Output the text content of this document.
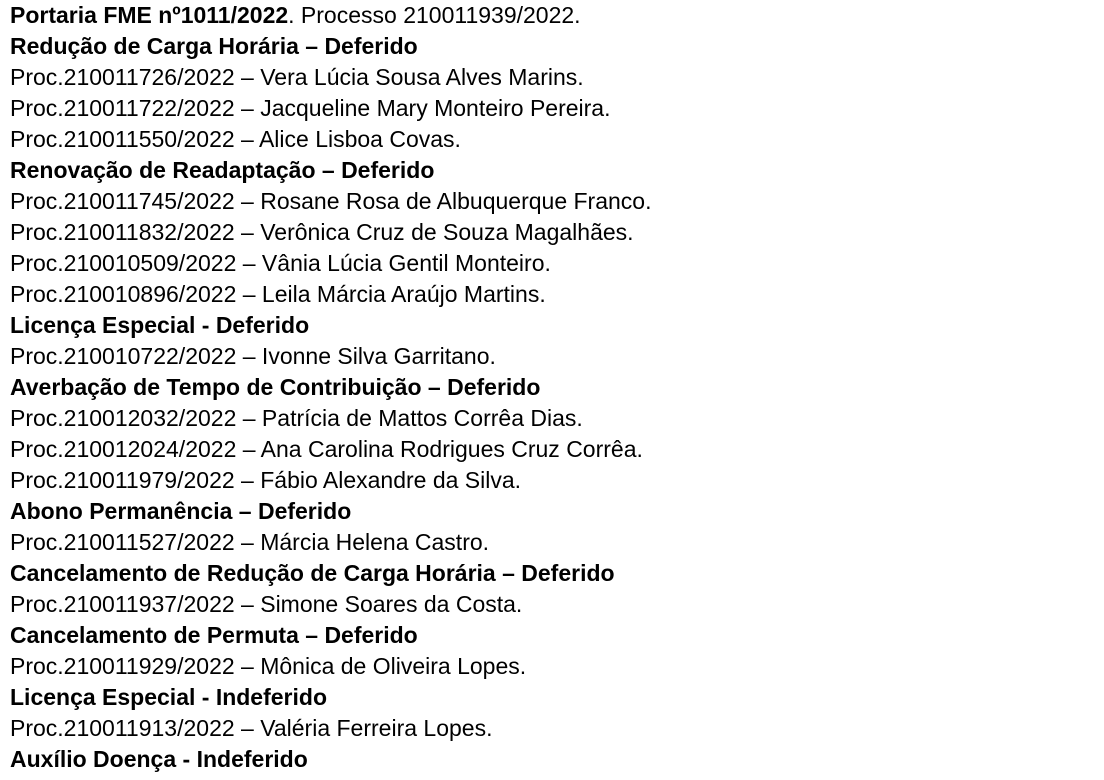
Portaria FME nº1011/2022. Processo 210011939/2022.
Redução de Carga Horária – Deferido
Proc.210011726/2022 – Vera Lúcia Sousa Alves Marins.
Proc.210011722/2022 – Jacqueline Mary Monteiro Pereira.
Proc.210011550/2022 – Alice Lisboa Covas.
Renovação de Readaptação – Deferido
Proc.210011745/2022 – Rosane Rosa de Albuquerque Franco.
Proc.210011832/2022 – Verônica Cruz de Souza Magalhães.
Proc.210010509/2022 – Vânia Lúcia Gentil Monteiro.
Proc.210010896/2022 – Leila Márcia Araújo Martins.
Licença Especial - Deferido
Proc.210010722/2022 – Ivonne Silva Garritano.
Averbação de Tempo de Contribuição – Deferido
Proc.210012032/2022 – Patrícia de Mattos Corrêa Dias.
Proc.210012024/2022 – Ana Carolina Rodrigues Cruz Corrêa.
Proc.210011979/2022 – Fábio Alexandre da Silva.
Abono Permanência – Deferido
Proc.210011527/2022 – Márcia Helena Castro.
Cancelamento de Redução de Carga Horária – Deferido
Proc.210011937/2022 – Simone Soares da Costa.
Cancelamento de Permuta – Deferido
Proc.210011929/2022 – Mônica de Oliveira Lopes.
Licença Especial - Indeferido
Proc.210011913/2022 – Valéria Ferreira Lopes.
Auxílio Doença - Indeferido
